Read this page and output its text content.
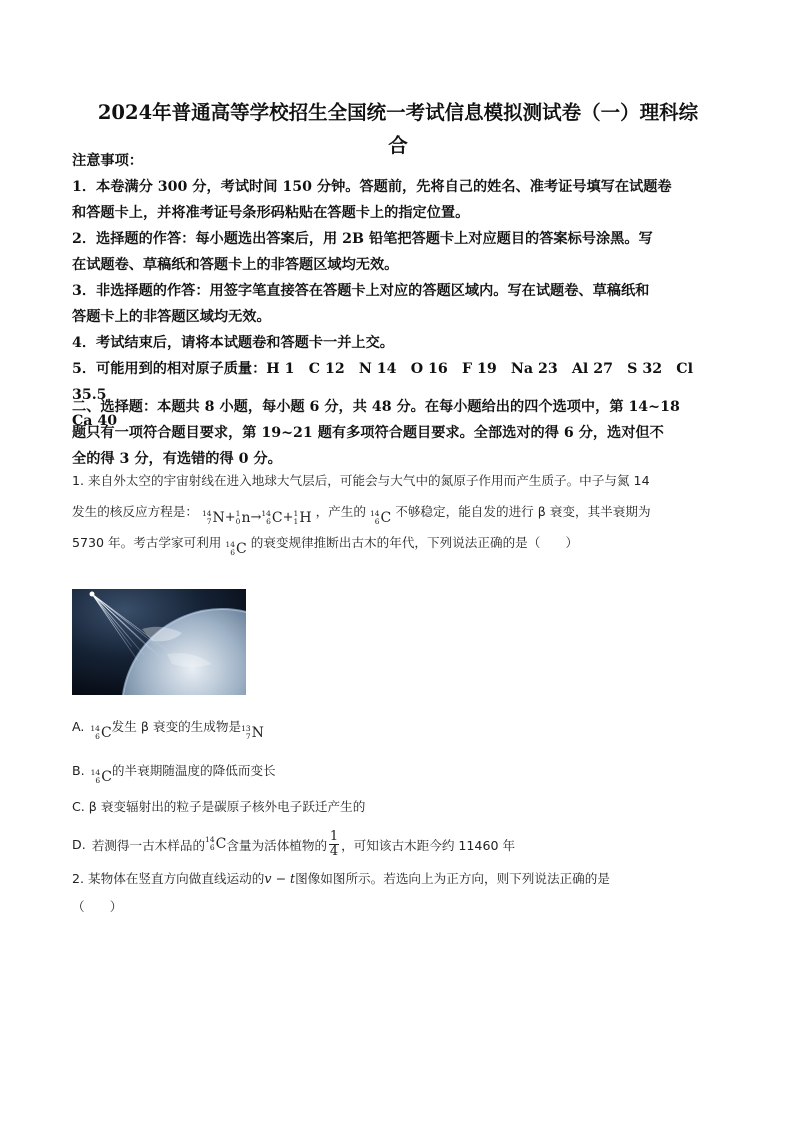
2024年普通高等学校招生全国统一考试信息模拟测试卷（一）理科综
合

注意事项：

1．本卷满分 300 分，考试时间 150 分钟。答题前，先将自己的姓名、准考证号填写在试题卷

和答题卡上，并将准考证号条形码粘贴在答题卡上的指定位置。

2．选择题的作答：每小题选出答案后，用 2B 铅笔把答题卡上对应题目的答案标号涂黑。写

在试题卷、草稿纸和答题卡上的非答题区域均无效。

3．非选择题的作答：用签字笔直接答在答题卡上对应的答题区域内。写在试题卷、草稿纸和

答题卡上的非答题区域均无效。

4．考试结束后，请将本试题卷和答题卡一并上交。

5．可能用到的相对原子质量：H 1　C 12　N 14　O 16　F 19　Na 23　Al 27　S 32　Cl 35.5

Ca 40

二、选择题：本题共 8 小题，每小题 6 分，共 48 分。在每小题给出的四个选项中，第 14~18

题只有一项符合题目要求，第 19~21 题有多项符合题目要求。全部选对的得 6 分，选对但不

全的得 3 分，有选错的得 0 分。

1. 来自外太空的宇宙射线在进入地球大气层后，可能会与大气中的氮原子作用而产生质子。中子与氮 14
发生的核反应方程是： 14
7 N + 1
0 n → 14
6 C + 1
1 H ，产生的 14
6 C 不够稳定，能自发的进行 β 衰变，其半衰期为
5730 年。考古学家可利用 14
6 C 的衰变规律推断出古木的年代，下列说法正确的是（　　）
A. 14
6 C 发生 β 衰变的生成物是 13
7 N
B. 14
6 C 的半衰期随温度的降低而变长
C. β 衰变辐射出的粒子是碳原子核外电子跃迁产生的
D. 若测得一古木样品的 14
6 C 含量为活体植物的 $\frac{1}{4}$ ，可知该古木距今约 11460 年
2. 某物体在竖直方向做直线运动的v − t图像如图所示。若选向上为正方向，则下列说法正确的是
（　　）
